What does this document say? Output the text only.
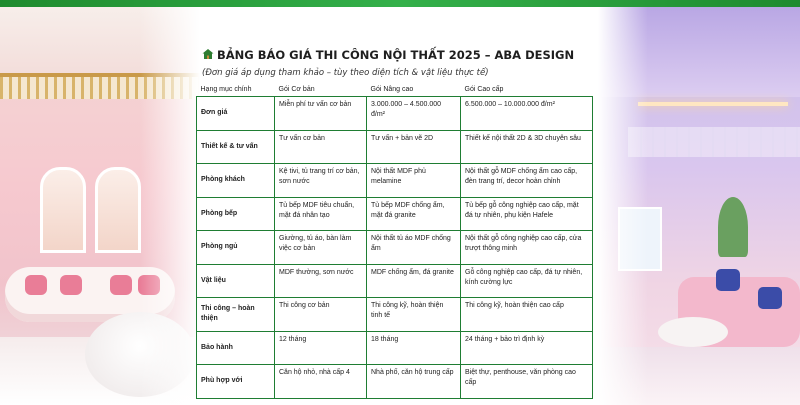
BẢNG BÁO GIÁ THI CÔNG NỘI THẤT 2025 – ABA DESIGN
(Đơn giá áp dụng tham khảo – tùy theo diện tích & vật liệu thực tế)
Hạng mục chính	Gói Cơ bản	Gói Nâng cao	Gói Cao cấp
Đơn giá	Miễn phí tư vấn cơ bản	3.000.000 – 4.500.000 đ/m²	6.500.000 – 10.000.000 đ/m²
Thiết kế & tư vấn	Tư vấn cơ bản	Tư vấn + bản vẽ 2D	Thiết kế nội thất 2D & 3D chuyên sâu
Phòng khách	Kệ tivi, tủ trang trí cơ bản, sơn nước	Nội thất MDF phủ melamine	Nội thất gỗ MDF chống ẩm cao cấp, đèn trang trí, decor hoàn chỉnh
Phòng bếp	Tủ bếp MDF tiêu chuẩn, mặt đá nhân tạo	Tủ bếp MDF chống ẩm, mặt đá granite	Tủ bếp gỗ công nghiệp cao cấp, mặt đá tự nhiên, phụ kiện Hafele
Phòng ngủ	Giường, tủ áo, bàn làm việc cơ bản	Nội thất tủ áo MDF chống ẩm	Nội thất gỗ công nghiệp cao cấp, cửa trượt thông minh
Vật liệu	MDF thường, sơn nước	MDF chống ẩm, đá granite	Gỗ công nghiệp cao cấp, đá tự nhiên, kính cường lực
Thi công – hoàn thiện	Thi công cơ bản	Thi công kỹ, hoàn thiện tinh tế	Thi công kỹ, hoàn thiện cao cấp
Bảo hành	12 tháng	18 tháng	24 tháng + bảo trì định kỳ
Phù hợp với	Căn hộ nhỏ, nhà cấp 4	Nhà phố, căn hộ trung cấp	Biệt thự, penthouse, văn phòng cao cấp
